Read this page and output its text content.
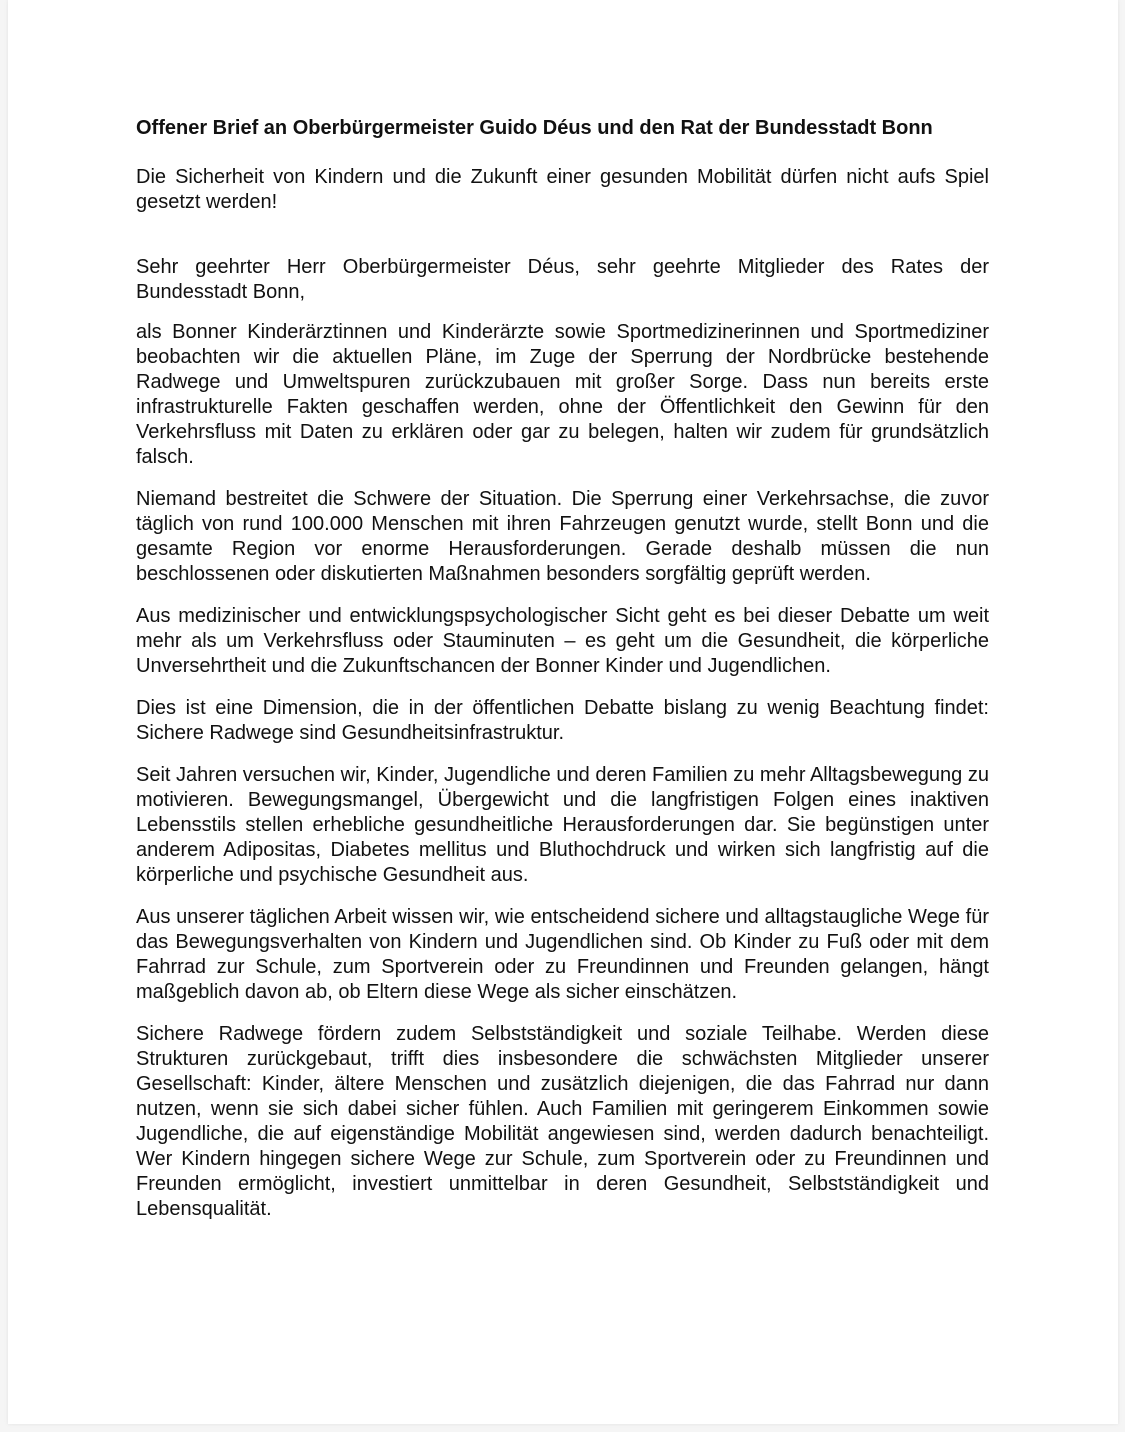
Offener Brief an Oberbürgermeister Guido Déus und den Rat der Bundesstadt Bonn

Die Sicherheit von Kindern und die Zukunft einer gesunden Mobilität dürfen nicht aufs Spiel gesetzt werden!

Sehr geehrter Herr Oberbürgermeister Déus, sehr geehrte Mitglieder des Rates der Bundesstadt Bonn,

als Bonner Kinderärztinnen und Kinderärzte sowie Sportmedizinerinnen und Sportmediziner beobachten wir die aktuellen Pläne, im Zuge der Sperrung der Nordbrücke bestehende Radwege und Umweltspuren zurückzubauen mit großer Sorge. Dass nun bereits erste infrastrukturelle Fakten geschaffen werden, ohne der Öffentlichkeit den Gewinn für den Verkehrsfluss mit Daten zu erklären oder gar zu belegen, halten wir zudem für grundsätzlich falsch.

Niemand bestreitet die Schwere der Situation. Die Sperrung einer Verkehrsachse, die zuvor täglich von rund 100.000 Menschen mit ihren Fahrzeugen genutzt wurde, stellt Bonn und die gesamte Region vor enorme Herausforderungen. Gerade deshalb müssen die nun beschlossenen oder diskutierten Maßnahmen besonders sorgfältig geprüft werden.

Aus medizinischer und entwicklungspsychologischer Sicht geht es bei dieser Debatte um weit mehr als um Verkehrsfluss oder Stauminuten – es geht um die Gesundheit, die körperliche Unversehrtheit und die Zukunftschancen der Bonner Kinder und Jugendlichen.

Dies ist eine Dimension, die in der öffentlichen Debatte bislang zu wenig Beachtung findet: Sichere Radwege sind Gesundheitsinfrastruktur.

Seit Jahren versuchen wir, Kinder, Jugendliche und deren Familien zu mehr Alltagsbewegung zu motivieren. Bewegungsmangel, Übergewicht und die langfristigen Folgen eines inaktiven Lebensstils stellen erhebliche gesundheitliche Herausforderungen dar. Sie begünstigen unter anderem Adipositas, Diabetes mellitus und Bluthochdruck und wirken sich langfristig auf die körperliche und psychische Gesundheit aus.

Aus unserer täglichen Arbeit wissen wir, wie entscheidend sichere und alltagstaugliche Wege für das Bewegungsverhalten von Kindern und Jugendlichen sind. Ob Kinder zu Fuß oder mit dem Fahrrad zur Schule, zum Sportverein oder zu Freundinnen und Freunden gelangen, hängt maßgeblich davon ab, ob Eltern diese Wege als sicher einschätzen.

Sichere Radwege fördern zudem Selbstständigkeit und soziale Teilhabe. Werden diese Strukturen zurückgebaut, trifft dies insbesondere die schwächsten Mitglieder unserer Gesellschaft: Kinder, ältere Menschen und zusätzlich diejenigen, die das Fahrrad nur dann nutzen, wenn sie sich dabei sicher fühlen. Auch Familien mit geringerem Einkommen sowie Jugendliche, die auf eigenständige Mobilität angewiesen sind, werden dadurch benachteiligt. Wer Kindern hingegen sichere Wege zur Schule, zum Sportverein oder zu Freundinnen und Freunden ermöglicht, investiert unmittelbar in deren Gesundheit, Selbstständigkeit und Lebensqualität.
